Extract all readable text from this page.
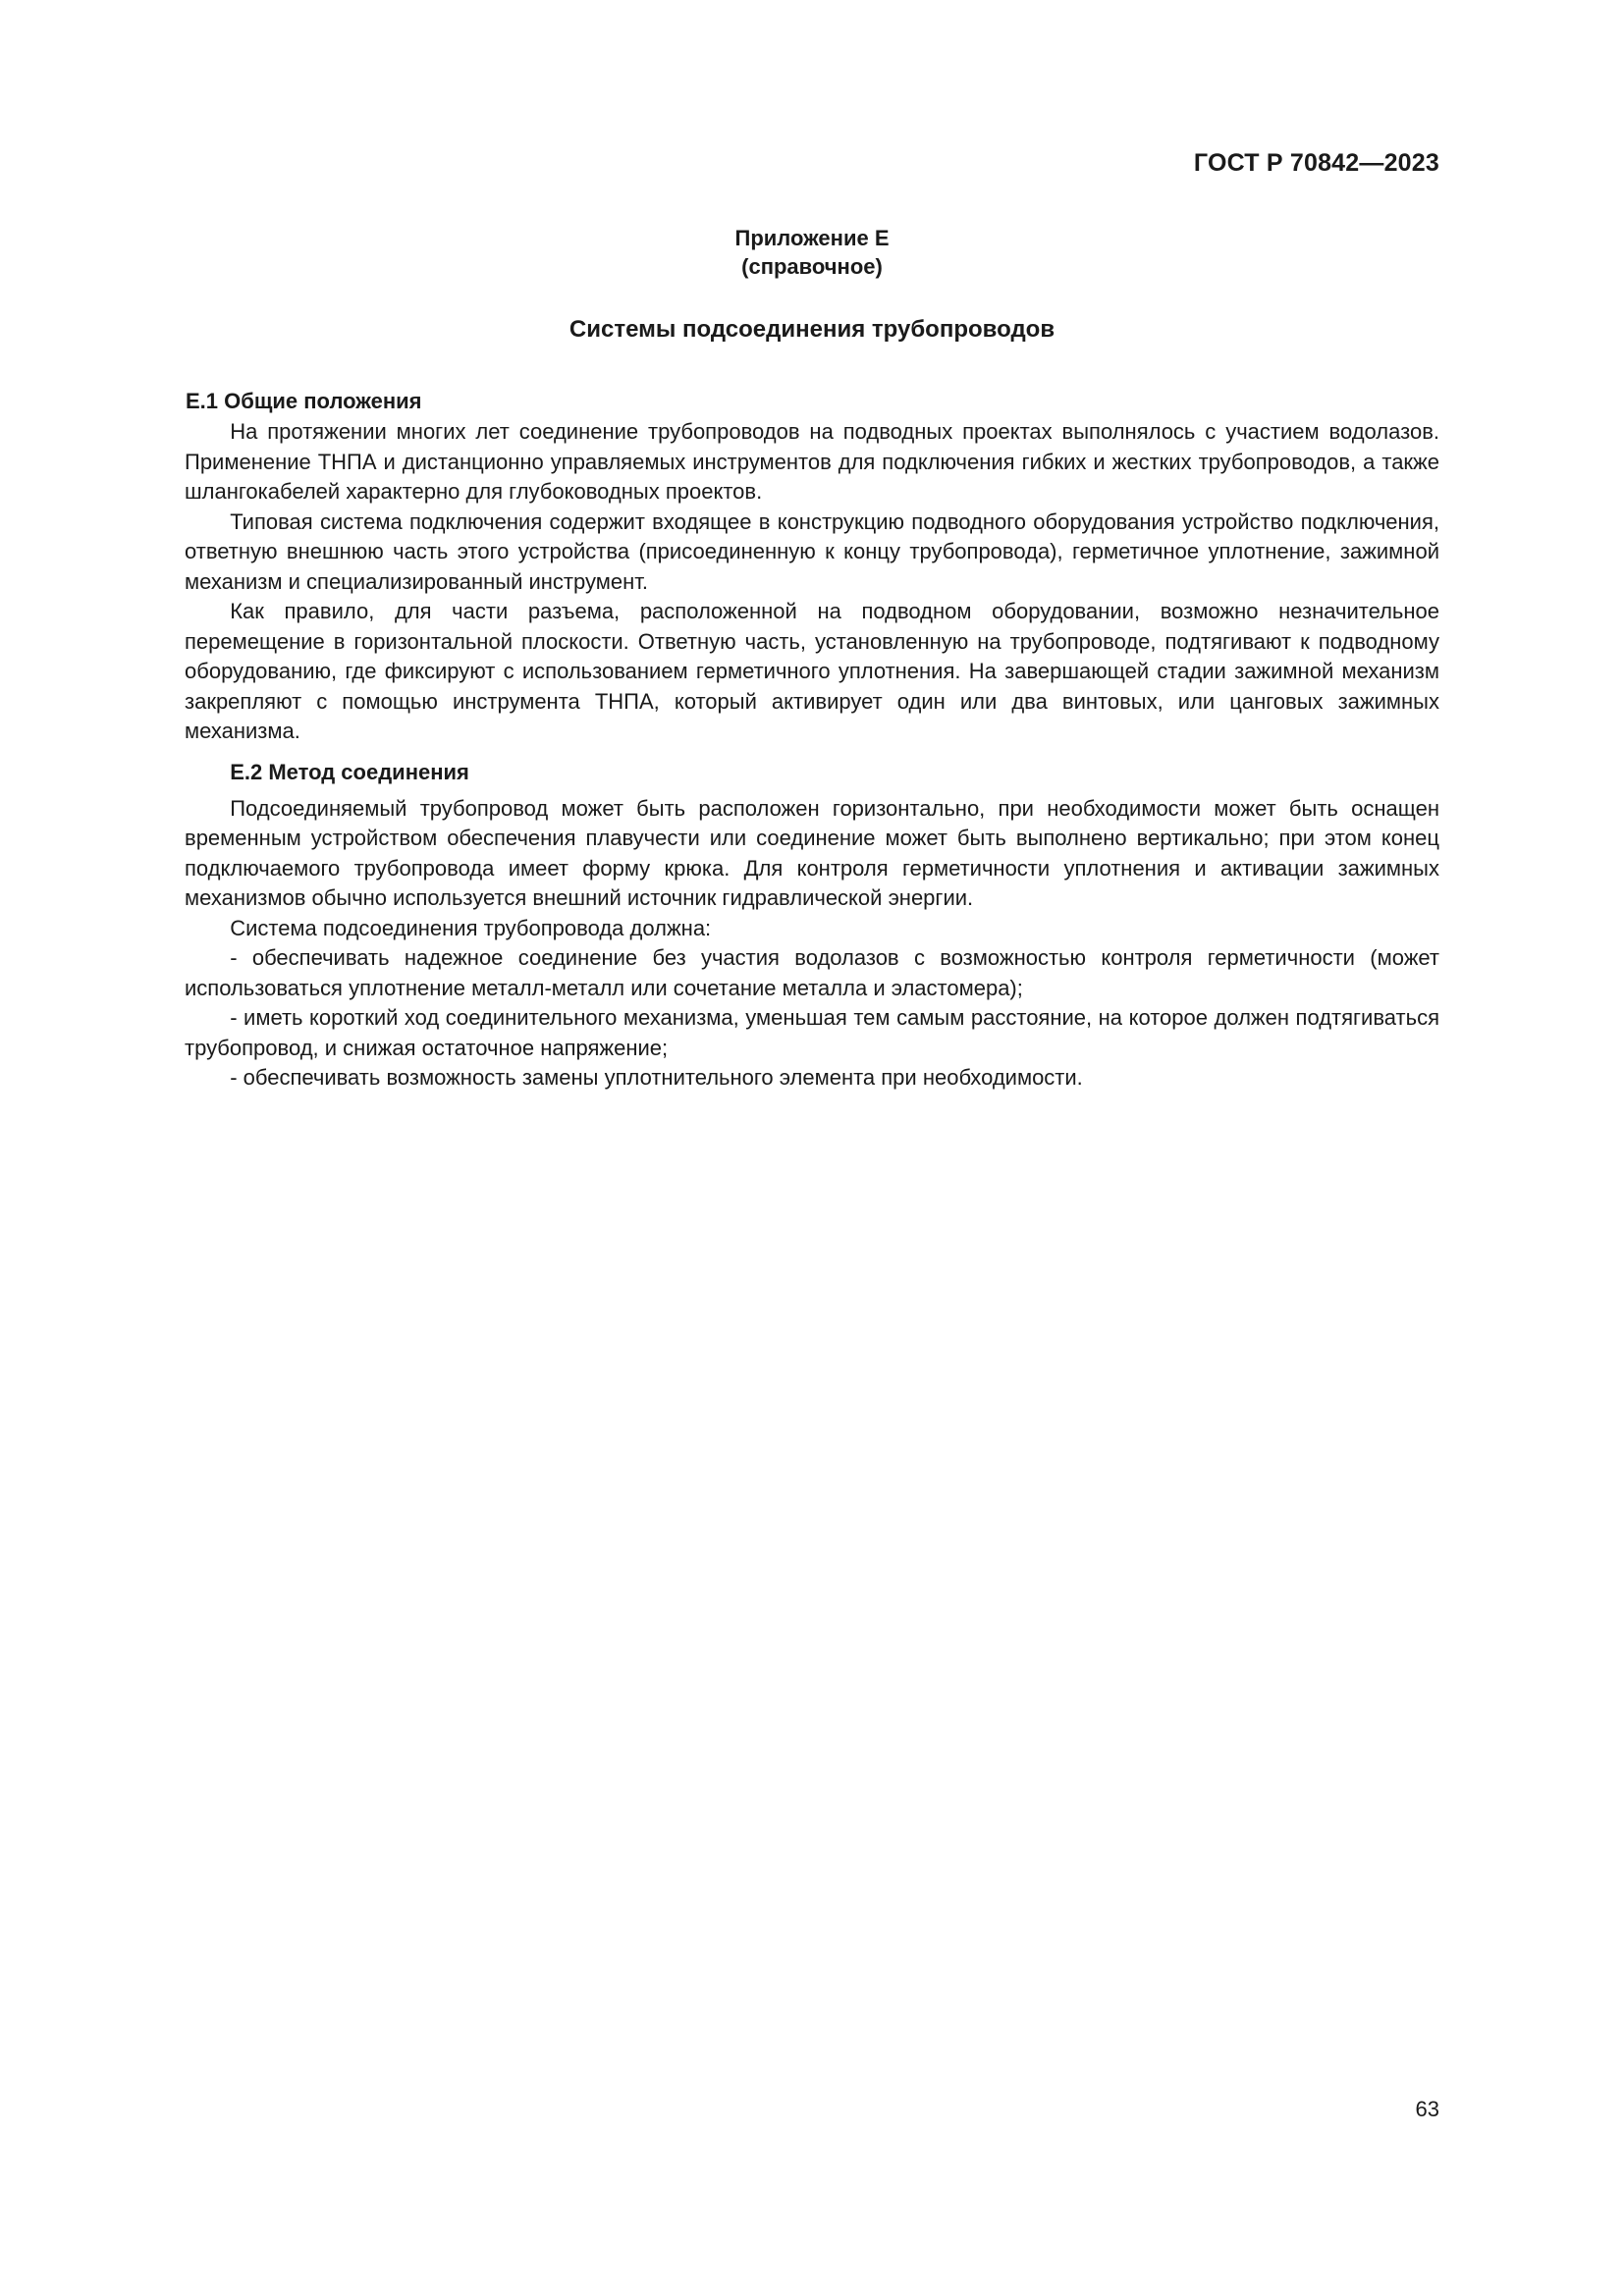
ГОСТ Р 70842—2023

Приложение Е

(справочное)

Системы подсоединения трубопроводов

Е.1 Общие положения

На протяжении многих лет соединение трубопроводов на подводных проектах выполнялось с участием водолазов. Применение ТНПА и дистанционно управляемых инструментов для подключения гибких и жестких трубопроводов, а также шлангокабелей характерно для глубоководных проектов.

Типовая система подключения содержит входящее в конструкцию подводного оборудования устройство подключения, ответную внешнюю часть этого устройства (присоединенную к концу трубопровода), герметичное уплотнение, зажимной механизм и специализированный инструмент.

Как правило, для части разъема, расположенной на подводном оборудовании, возможно незначительное перемещение в горизонтальной плоскости. Ответную часть, установленную на трубопроводе, подтягивают к подводному оборудованию, где фиксируют с использованием герметичного уплотнения. На завершающей стадии зажимной механизм закрепляют с помощью инструмента ТНПА, который активирует один или два винтовых, или цанговых зажимных механизма.

Е.2 Метод соединения

Подсоединяемый трубопровод может быть расположен горизонтально, при необходимости может быть оснащен временным устройством обеспечения плавучести или соединение может быть выполнено вертикально; при этом конец подключаемого трубопровода имеет форму крюка. Для контроля герметичности уплотнения и активации зажимных механизмов обычно используется внешний источник гидравлической энергии.

Система подсоединения трубопровода должна:

- обеспечивать надежное соединение без участия водолазов с возможностью контроля герметичности (может использоваться уплотнение металл-металл или сочетание металла и эластомера);

- иметь короткий ход соединительного механизма, уменьшая тем самым расстояние, на которое должен подтягиваться трубопровод, и снижая остаточное напряжение;

- обеспечивать возможность замены уплотнительного элемента при необходимости.

63
